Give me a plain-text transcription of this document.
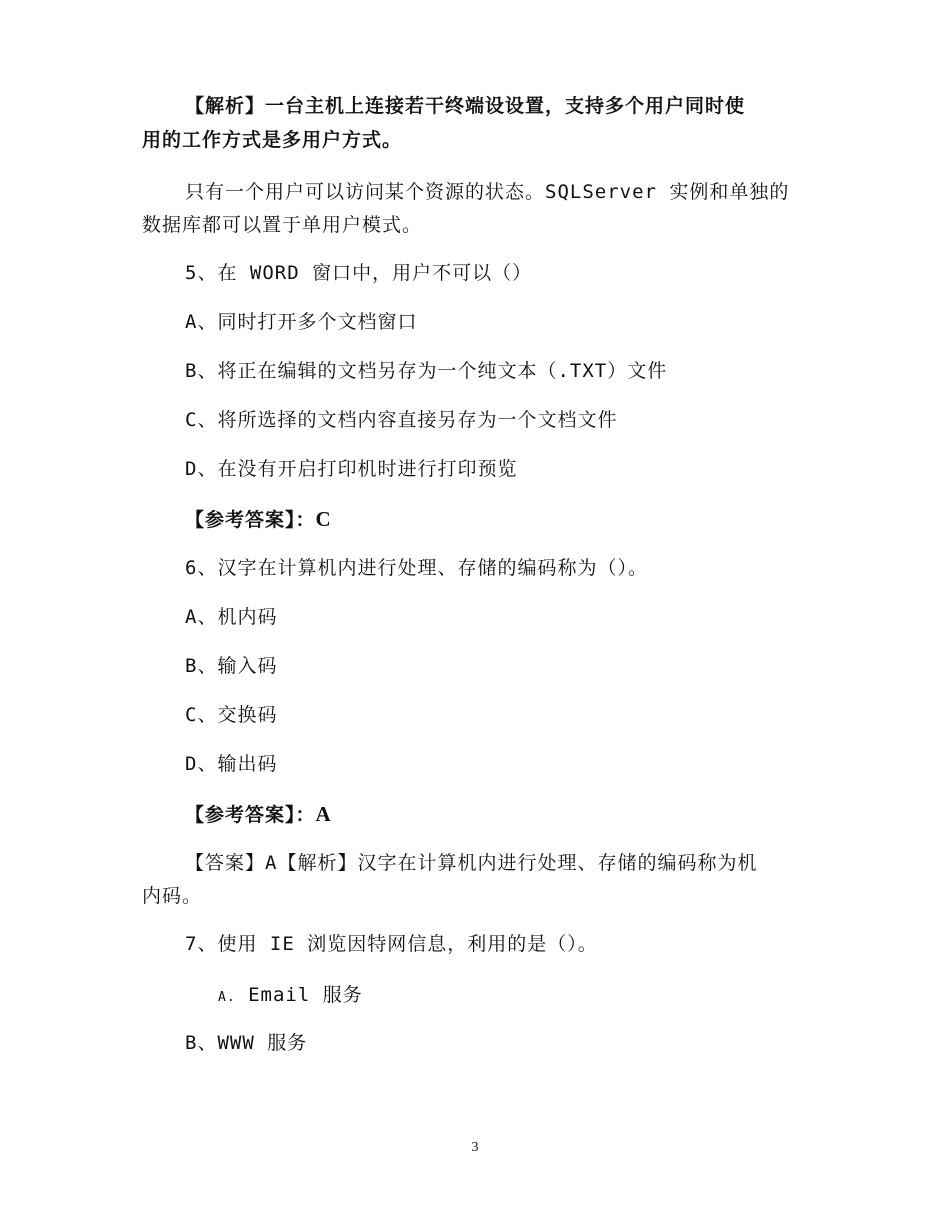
【解析】一台主机上连接若干终端设设置，支持多个用户同时使
用的工作方式是多用户方式。
只有一个用户可以访问某个资源的状态。SQLServer 实例和单独的
数据库都可以置于单用户模式。
5、在 WORD 窗口中，用户不可以（）
A、同时打开多个文档窗口
B、将正在编辑的文档另存为一个纯文本（.TXT）文件
C、将所选择的文档内容直接另存为一个文档文件
D、在没有开启打印机时进行打印预览
【参考答案】：C
6、汉字在计算机内进行处理、存储的编码称为（）。
A、机内码
B、输入码
C、交换码
D、输出码
【参考答案】：A
【答案】A【解析】汉字在计算机内进行处理、存储的编码称为机
内码。
7、使用 IE 浏览因特网信息，利用的是（）。
A. Email 服务
B、WWW 服务
3
